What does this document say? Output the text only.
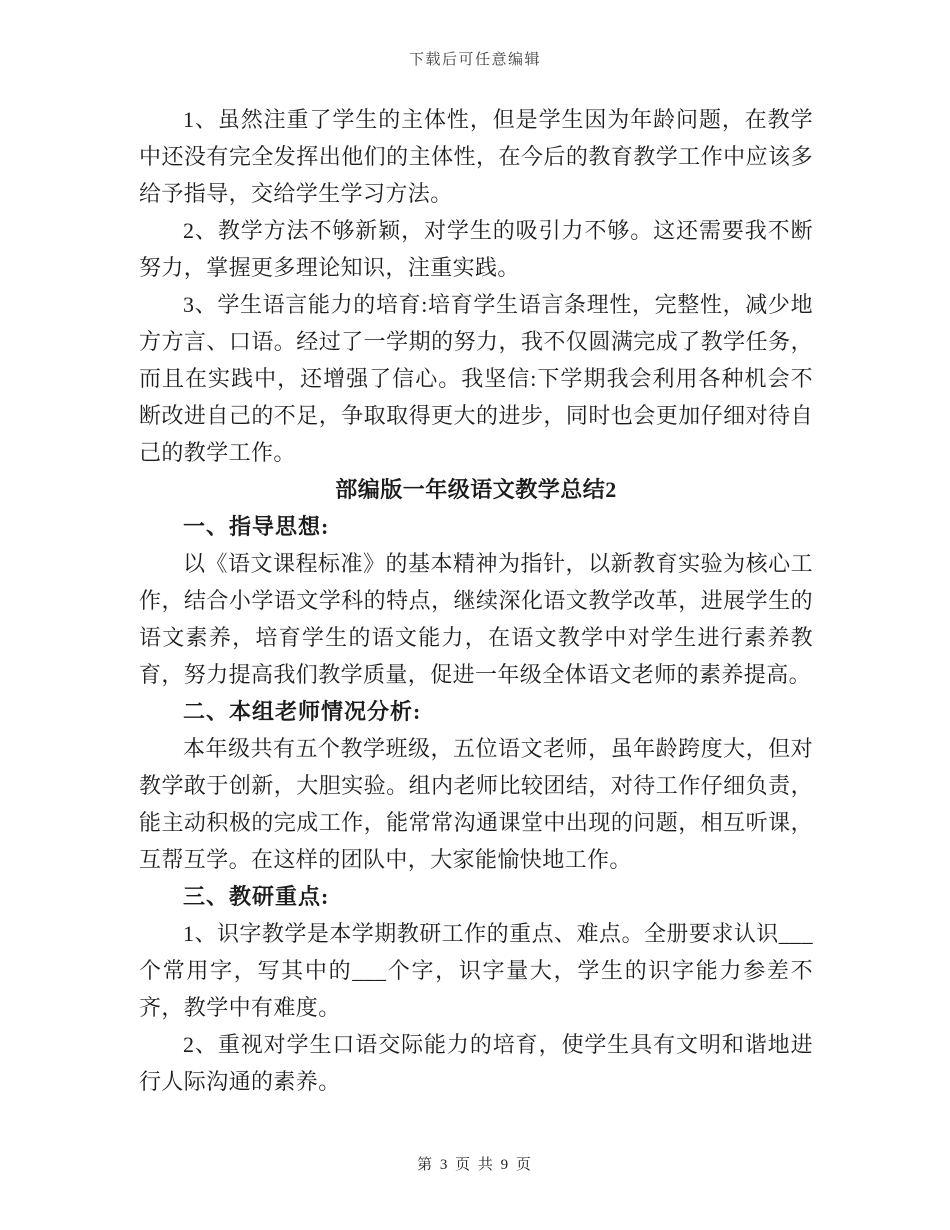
下载后可任意编辑

1、虽然注重了学生的主体性，但是学生因为年龄问题，在教学中还没有完全发挥出他们的主体性，在今后的教育教学工作中应该多给予指导，交给学生学习方法。

2、教学方法不够新颖，对学生的吸引力不够。这还需要我不断努力，掌握更多理论知识，注重实践。

3、学生语言能力的培育:培育学生语言条理性，完整性，减少地方方言、口语。经过了一学期的努力，我不仅圆满完成了教学任务，而且在实践中，还增强了信心。我坚信:下学期我会利用各种机会不断改进自己的不足，争取取得更大的进步，同时也会更加仔细对待自己的教学工作。

部编版一年级语文教学总结2

一、指导思想:

以《语文课程标准》的基本精神为指针，以新教育实验为核心工作，结合小学语文学科的特点，继续深化语文教学改革，进展学生的语文素养，培育学生的语文能力，在语文教学中对学生进行素养教育，努力提高我们教学质量，促进一年级全体语文老师的素养提高。

二、本组老师情况分析:

本年级共有五个教学班级，五位语文老师，虽年龄跨度大，但对教学敢于创新，大胆实验。组内老师比较团结，对待工作仔细负责，能主动积极的完成工作，能常常沟通课堂中出现的问题，相互听课，互帮互学。在这样的团队中，大家能愉快地工作。

三、教研重点:

1、识字教学是本学期教研工作的重点、难点。全册要求认识___个常用字，写其中的___个字，识字量大，学生的识字能力参差不齐，教学中有难度。

2、重视对学生口语交际能力的培育，使学生具有文明和谐地进行人际沟通的素养。

第 3 页 共 9 页
